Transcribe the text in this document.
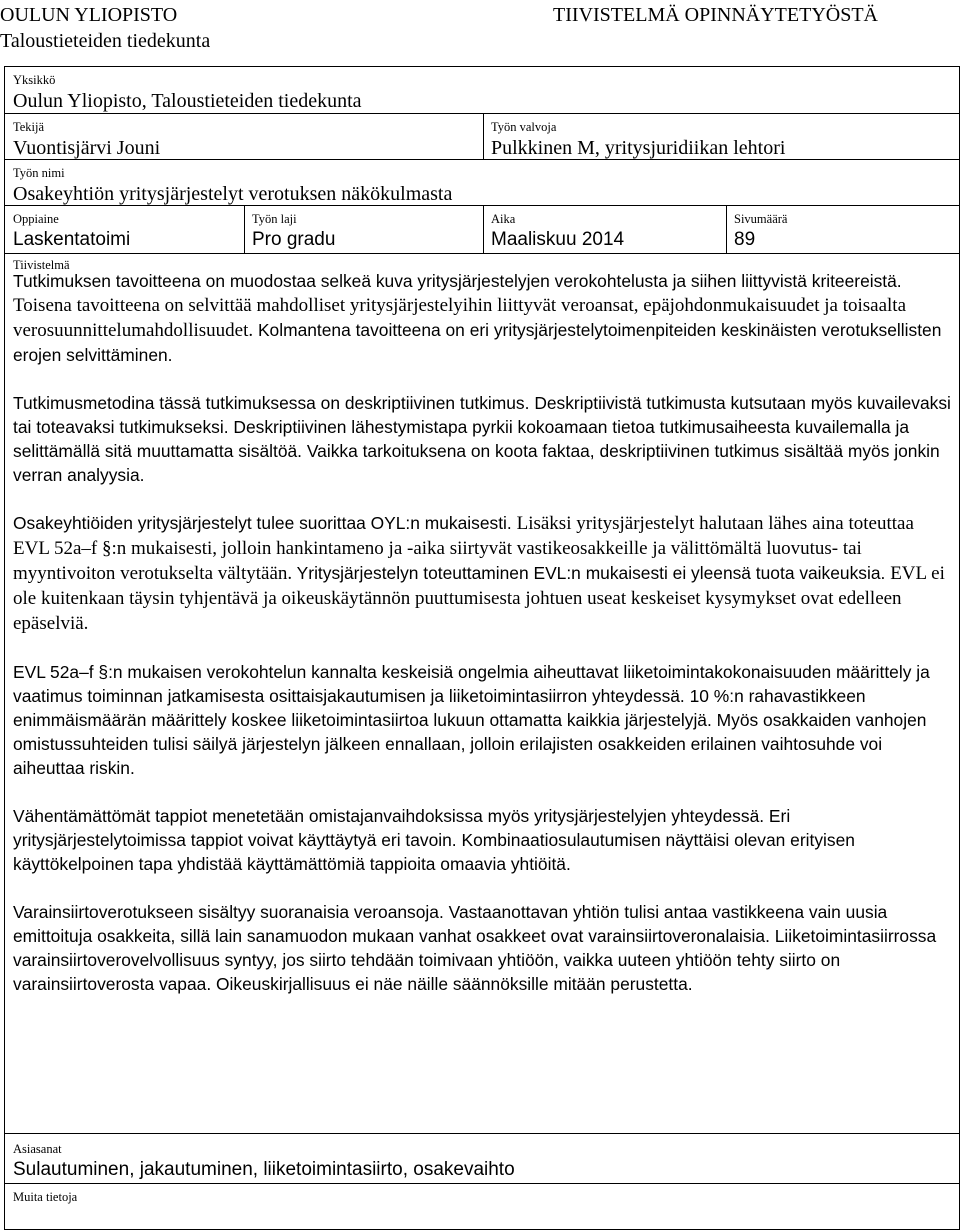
OULUN YLIOPISTO
Taloustieteiden tiedekunta
TIIVISTELMÄ OPINNÄYTETYÖSTÄ
Yksikkö
Oulun Yliopisto, Taloustieteiden tiedekunta
Tekijä
Vuontisjärvi Jouni
Työn valvoja
Pulkkinen M, yritysjuridiikan lehtori
Työn nimi
Osakeyhtiön yritysjärjestelyt verotuksen näkökulmasta
Oppiaine
Laskentatoimi
Työn laji
Pro gradu
Aika
Maaliskuu 2014
Sivumäärä
89
Tiivistelmä

Tutkimuksen tavoitteena on muodostaa selkeä kuva yritysjärjestelyjen verokohtelusta ja siihen liittyvistä kriteereistä. Toisena tavoitteena on selvittää mahdolliset yritysjärjestelyihin liittyvät veroansat, epäjohdonmukaisuudet ja toisaalta verosuunnittelumahdollisuudet. Kolmantena tavoitteena on eri yritysjärjestelytoimenpiteiden keskinäisten verotuksellisten erojen selvittäminen.

Tutkimusmetodina tässä tutkimuksessa on deskriptiivinen tutkimus. Deskriptiivistä tutkimusta kutsutaan myös kuvailevaksi tai toteavaksi tutkimukseksi. Deskriptiivinen lähestymistapa pyrkii kokoamaan tietoa tutkimusaiheesta kuvailemalla ja selittämällä sitä muuttamatta sisältöä. Vaikka tarkoituksena on koota faktaa, deskriptiivinen tutkimus sisältää myös jonkin verran analyysia.

Osakeyhtiöiden yritysjärjestelyt tulee suorittaa OYL:n mukaisesti. Lisäksi yritysjärjestelyt halutaan lähes aina toteuttaa EVL 52a–f §:n mukaisesti, jolloin hankintameno ja -aika siirtyvät vastikeosakkeille ja välittömältä luovutus- tai myyntivoiton verotukselta vältytään. Yritysjärjestelyn toteuttaminen EVL:n mukaisesti ei yleensä tuota vaikeuksia. EVL ei ole kuitenkaan täysin tyhjentävä ja oikeuskäytännön puuttumisesta johtuen useat keskeiset kysymykset ovat edelleen epäselviä.

EVL 52a–f §:n mukaisen verokohtelun kannalta keskeisiä ongelmia aiheuttavat liiketoimintakokonaisuuden määrittely ja vaatimus toiminnan jatkamisesta osittaisjakautumisen ja liiketoimintasiirron yhteydessä. 10 %:n rahavastikkeen enimmäismäärän määrittely koskee liiketoimintasiirtoa lukuun ottamatta kaikkia järjestelyjä. Myös osakkaiden vanhojen omistussuhteiden tulisi säilyä järjestelyn jälkeen ennallaan, jolloin erilajisten osakkeiden erilainen vaihtosuhde voi aiheuttaa riskin.

Vähentämättömät tappiot menetetään omistajanvaihdoksissa myös yritysjärjestelyjen yhteydessä. Eri yritysjärjestelytoimissa tappiot voivat käyttäytyä eri tavoin. Kombinaatiosulautumisen näyttäisi olevan erityisen käyttökelpoinen tapa yhdistää käyttämättömiä tappioita omaavia yhtiöitä.

Varainsiirtoverotukseen sisältyy suoranaisia veroansoja. Vastaanottavan yhtiön tulisi antaa vastikkeena vain uusia emittoituja osakkeita, sillä lain sanamuodon mukaan vanhat osakkeet ovat varainsiirtoveronalaisia. Liiketoimintasiirrossa varainsiirtoverovelvollisuus syntyy, jos siirto tehdään toimivaan yhtiöön, vaikka uuteen yhtiöön tehty siirto on varainsiirtoverosta vapaa. Oikeuskirjallisuus ei näe näille säännöksille mitään perustetta.

Asiasanat
Sulautuminen, jakautuminen, liiketoimintasiirto, osakevaihto
Muita tietoja
